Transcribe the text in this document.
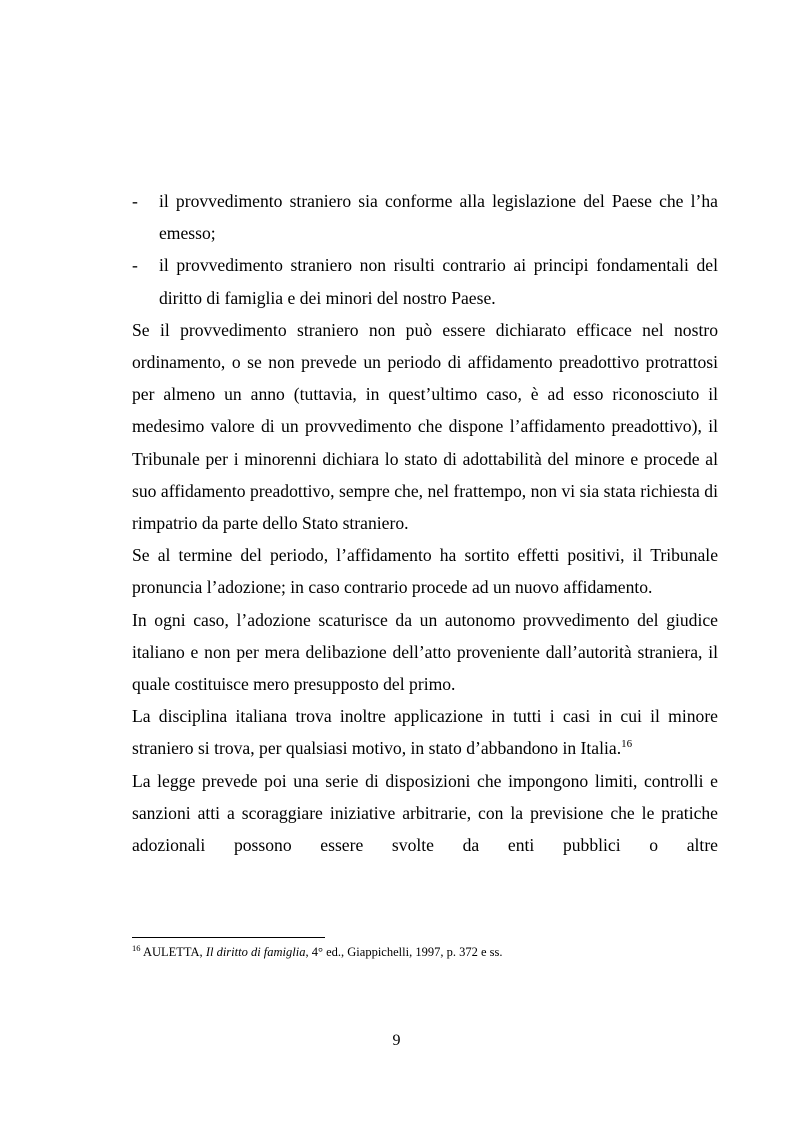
- il provvedimento straniero sia conforme alla legislazione del Paese che l’ha emesso;
- il provvedimento straniero non risulti contrario ai principi fondamentali del diritto di famiglia e dei minori del nostro Paese.

Se il provvedimento straniero non può essere dichiarato efficace nel nostro ordinamento, o se non prevede un periodo di affidamento preadottivo protrattosi per almeno un anno (tuttavia, in quest’ultimo caso, è ad esso riconosciuto il medesimo valore di un provvedimento che dispone l’affidamento preadottivo), il Tribunale per i minorenni dichiara lo stato di adottabilità del minore e procede al suo affidamento preadottivo, sempre che, nel frattempo, non vi sia stata richiesta di rimpatrio da parte dello Stato straniero.

Se al termine del periodo, l’affidamento ha sortito effetti positivi, il Tribunale pronuncia l’adozione; in caso contrario procede ad un nuovo affidamento.

In ogni caso, l’adozione scaturisce da un autonomo provvedimento del giudice italiano e non per mera delibazione dell’atto proveniente dall’autorità straniera, il quale costituisce mero presupposto del primo.

La disciplina italiana trova inoltre applicazione in tutti i casi in cui il minore straniero si trova, per qualsiasi motivo, in stato d’abbandono in Italia.$^{16}$

La legge prevede poi una serie di disposizioni che impongono limiti, controlli e sanzioni atti a scoraggiare iniziative arbitrarie, con la previsione che le pratiche adozionali possono essere svolte da enti pubblici o altre

$^{16}$ AULETTA, Il diritto di famiglia, 4° ed., Giappichelli, 1997, p. 372 e ss.
9
